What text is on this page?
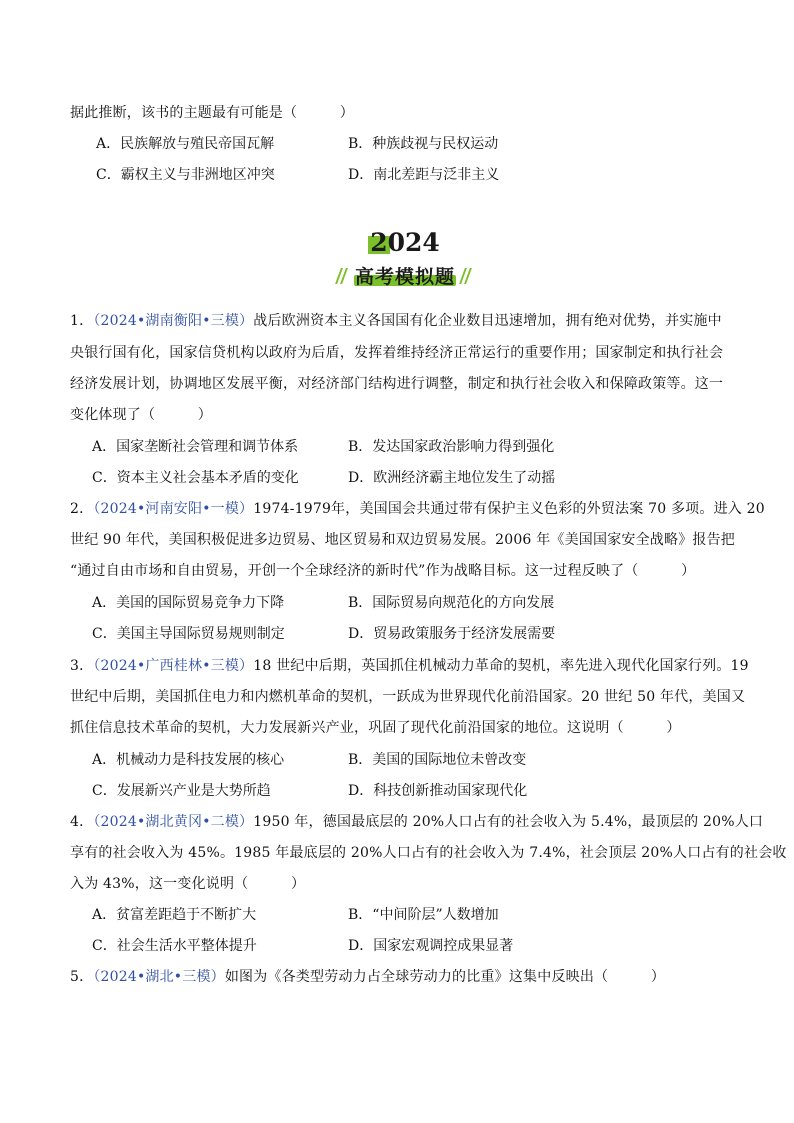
据此推断，该书的主题最有可能是（　　　）
A．民族解放与殖民帝国瓦解	B．种族歧视与民权运动
C．霸权主义与非洲地区冲突	D．南北差距与泛非主义
2024
高考模拟题
1．（2024•湖南衡阳•三模）战后欧洲资本主义各国国有化企业数目迅速增加，拥有绝对优势，并实施中
央银行国有化，国家信贷机构以政府为后盾，发挥着维持经济正常运行的重要作用；国家制定和执行社会
经济发展计划，协调地区发展平衡，对经济部门结构进行调整，制定和执行社会收入和保障政策等。这一
变化体现了（　　　）
A．国家垄断社会管理和调节体系	B．发达国家政治影响力得到强化
C．资本主义社会基本矛盾的变化	D．欧洲经济霸主地位发生了动摇
2．（2024•河南安阳•一模）1974-1979年，美国国会共通过带有保护主义色彩的外贸法案 70 多项。进入 20
世纪 90 年代，美国积极促进多边贸易、地区贸易和双边贸易发展。2006 年《美国国家安全战略》报告把
“通过自由市场和自由贸易，开创一个全球经济的新时代”作为战略目标。这一过程反映了（　　　）
A．美国的国际贸易竞争力下降	B．国际贸易向规范化的方向发展
C．美国主导国际贸易规则制定	D．贸易政策服务于经济发展需要
3．（2024•广西桂林•三模）18 世纪中后期，英国抓住机械动力革命的契机，率先进入现代化国家行列。19
世纪中后期，美国抓住电力和内燃机革命的契机，一跃成为世界现代化前沿国家。20 世纪 50 年代，美国又
抓住信息技术革命的契机，大力发展新兴产业，巩固了现代化前沿国家的地位。这说明（　　　）
A．机械动力是科技发展的核心	B．美国的国际地位未曾改变
C．发展新兴产业是大势所趋	D．科技创新推动国家现代化
4．（2024•湖北黄冈•二模）1950 年，德国最底层的 20%人口占有的社会收入为 5.4%，最顶层的 20%人口
享有的社会收入为 45%。1985 年最底层的 20%人口占有的社会收入为 7.4%，社会顶层 20%人口占有的社会收
入为 43%，这一变化说明（　　　）
A．贫富差距趋于不断扩大	B．“中间阶层”人数增加
C．社会生活水平整体提升	D．国家宏观调控成果显著
5．（2024•湖北•三模）如图为《各类型劳动力占全球劳动力的比重》这集中反映出（　　　）
